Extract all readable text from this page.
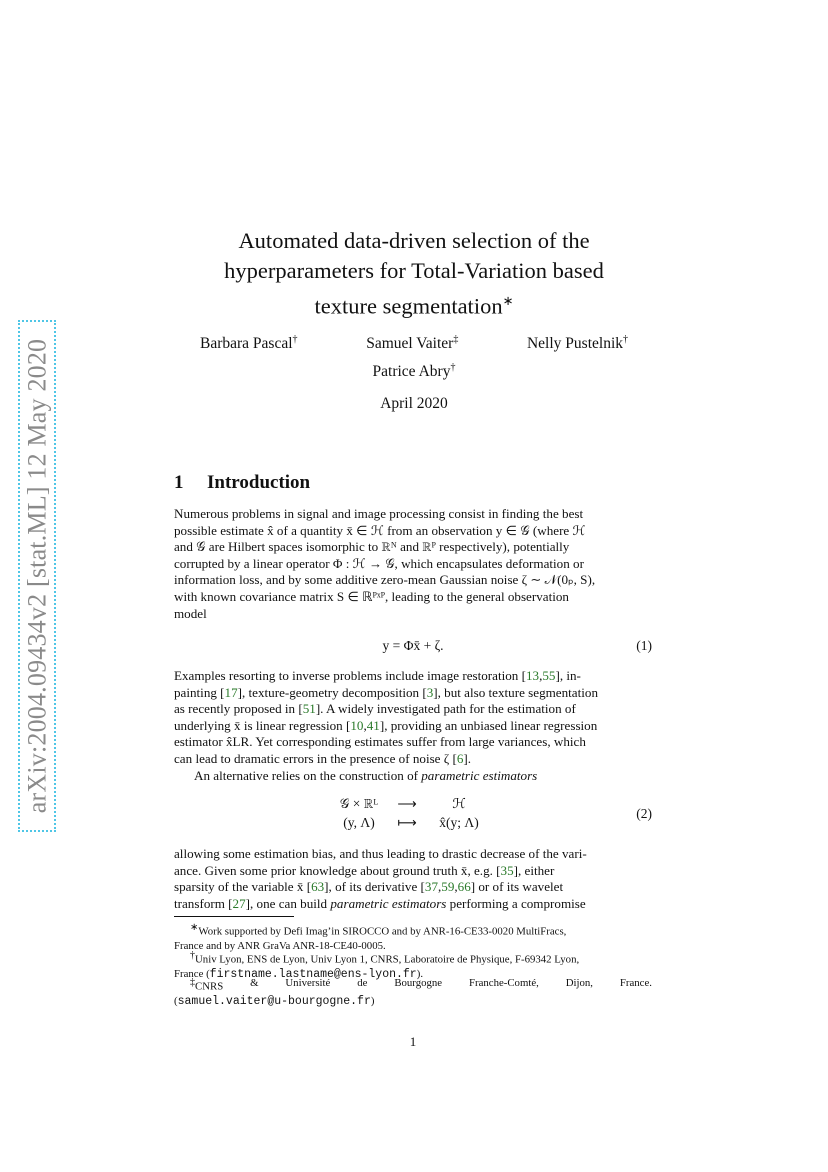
arXiv:2004.09434v2 [stat.ML] 12 May 2020
Automated data-driven selection of the
hyperparameters for Total-Variation based
texture segmentation∗
Barbara Pascal†	Samuel Vaiter‡	Nelly Pustelnik†
Patrice Abry†
April 2020
1 Introduction
Numerous problems in signal and image processing consist in finding the best
possible estimate x̂ of a quantity x̄ ∈ ℋ from an observation y ∈ 𝒢 (where ℋ
and 𝒢 are Hilbert spaces isomorphic to ℝᴺ and ℝᴾ respectively), potentially
corrupted by a linear operator Φ : ℋ → 𝒢, which encapsulates deformation or
information loss, and by some additive zero-mean Gaussian noise ζ ∼ 𝒩(0ₚ, S),
with known covariance matrix S ∈ ℝᴾˣᴾ, leading to the general observation
model
y = Φx̄ + ζ.	(1)
Examples resorting to inverse problems include image restoration [13,55], in-
painting [17], texture-geometry decomposition [3], but also texture segmentation
as recently proposed in [51]. A widely investigated path for the estimation of
underlying x̄ is linear regression [10,41], providing an unbiased linear regression
estimator x̂LR. Yet corresponding estimates suffer from large variances, which
can lead to dramatic errors in the presence of noise ζ [6].
An alternative relies on the construction of parametric estimators
𝒢 × ℝᴸ	⟶	ℋ
(y, Λ)	⟼	x̂(y; Λ)
(2)
allowing some estimation bias, and thus leading to drastic decrease of the vari-
ance. Given some prior knowledge about ground truth x̄, e.g. [35], either
sparsity of the variable x̄ [63], of its derivative [37,59,66] or of its wavelet
transform [27], one can build parametric estimators performing a compromise
∗Work supported by Defi Imag’in SIROCCO and by ANR-16-CE33-0020 MultiFracs,
France and by ANR GraVa ANR-18-CE40-0005.
†Univ Lyon, ENS de Lyon, Univ Lyon 1, CNRS, Laboratoire de Physique, F-69342 Lyon,
France (firstname.lastname@ens-lyon.fr).
‡CNRS & Université de Bourgogne Franche-Comté, Dijon, France.
(samuel.vaiter@u-bourgogne.fr)
1
